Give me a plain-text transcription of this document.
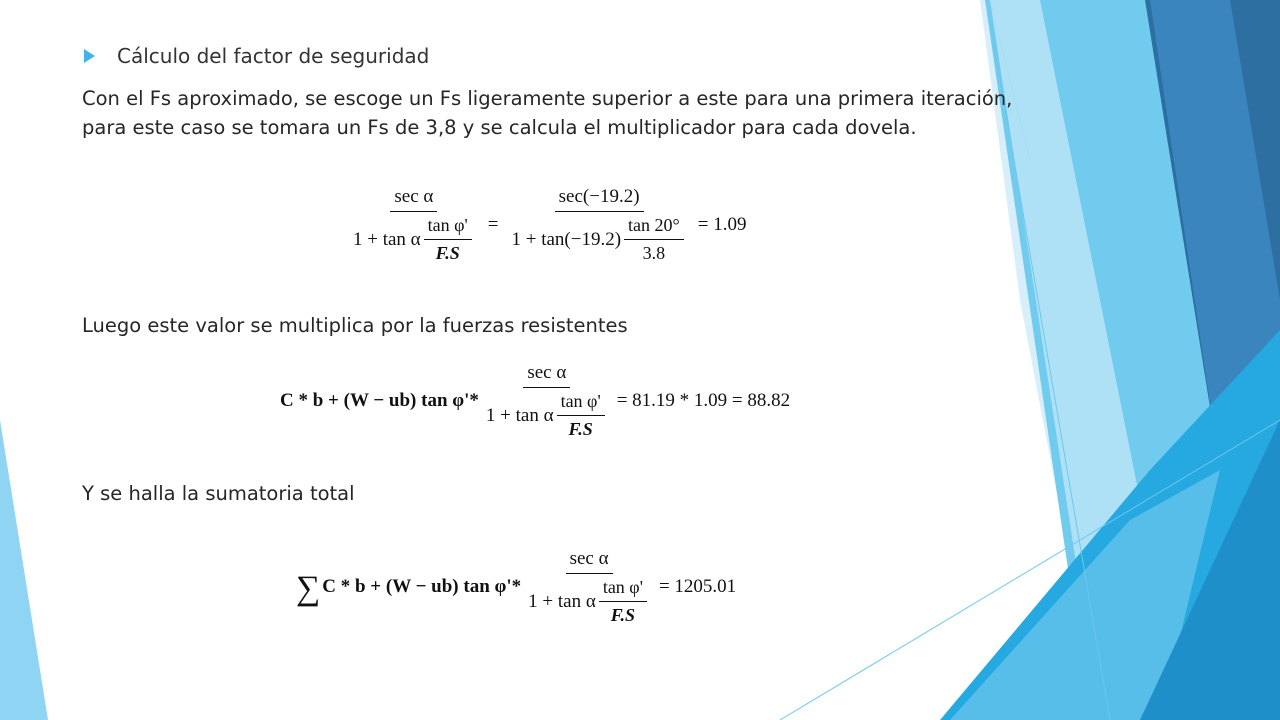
Cálculo del factor de seguridad

Con el Fs aproximado, se escoge un Fs ligeramente superior a este para una primera iteración, para este caso se tomara un Fs de 3,8 y se calcula el multiplicador para cada dovela.

$\frac{\text{sec α}}{1 + \tan \alpha \frac{\text{tan φ'}}{F.S}} = \frac{\sec(-19.2)}{1 + \tan(-19.2) \frac{\tan 20^\circ}{3.8}} = 1.09$

Luego este valor se multiplica por la fuerzas resistentes

C * b + (W − ub) $\tan \varphi'* \frac{\text{sec α}}{1 + \tan \alpha \frac{\text{tan φ'}}{F.S}} = 81.19 * 1.09 = 88.82$

Y se halla la sumatoria total

∑ C * b + (W − ub) $\tan \varphi'* \frac{\text{sec α}}{1 + \tan \alpha \frac{\text{tan φ'}}{F.S}} = 1205.01$
